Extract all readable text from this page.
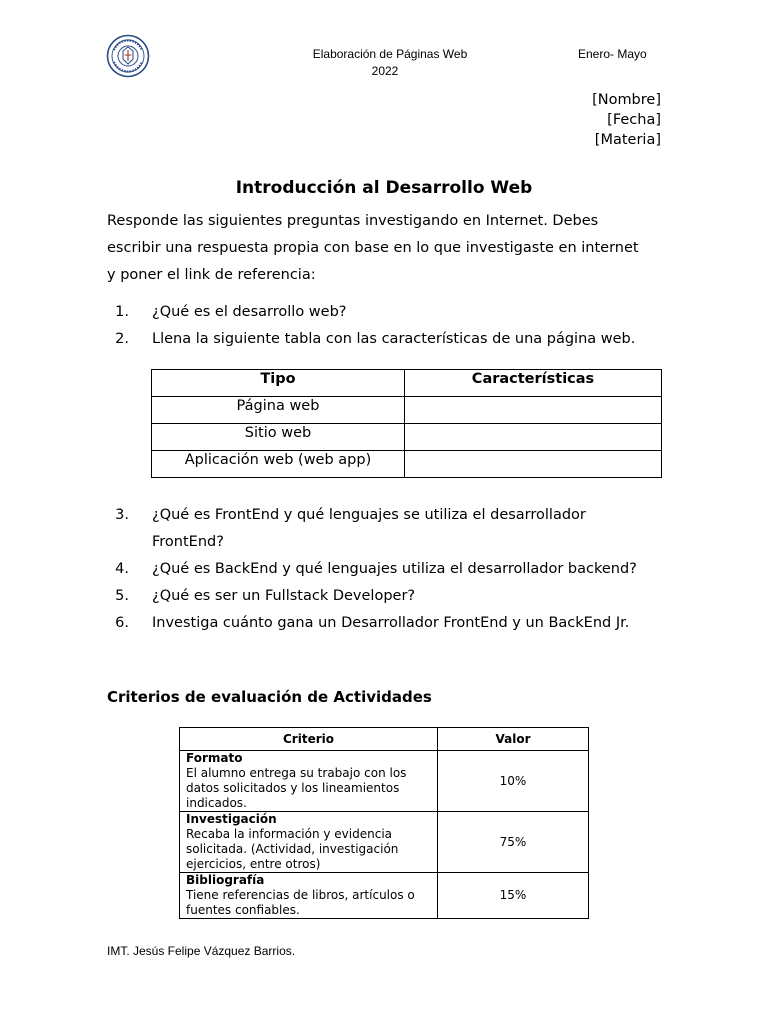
Elaboración de Páginas Web
2022
Enero- Mayo
[Nombre]
[Fecha]
[Materia]
Introducción al Desarrollo Web
Responde las siguientes preguntas investigando en Internet. Debes
escribir una respuesta propia con base en lo que investigaste en internet
y poner el link de referencia:
1. ¿Qué es el desarrollo web?
2. Llena la siguiente tabla con las características de una página web.
Tipo	Características
Página web	
Sitio web	
Aplicación web (web app)	
3. ¿Qué es FrontEnd y qué lenguajes se utiliza el desarrollador
FrontEnd?
4. ¿Qué es BackEnd y qué lenguajes utiliza el desarrollador backend?
5. ¿Qué es ser un Fullstack Developer?
6. Investiga cuánto gana un Desarrollador FrontEnd y un BackEnd Jr.
Criterios de evaluación de Actividades
Criterio	Valor

Formato
El alumno entrega su trabajo con los
datos solicitados y los lineamientos
indicados.	10%

Investigación
Recaba la información y evidencia
solicitada. (Actividad, investigación
ejercicios, entre otros)	75%

Bibliografía
Tiene referencias de libros, artículos o
fuentes confiables.	15%
IMT. Jesús Felipe Vázquez Barrios.
